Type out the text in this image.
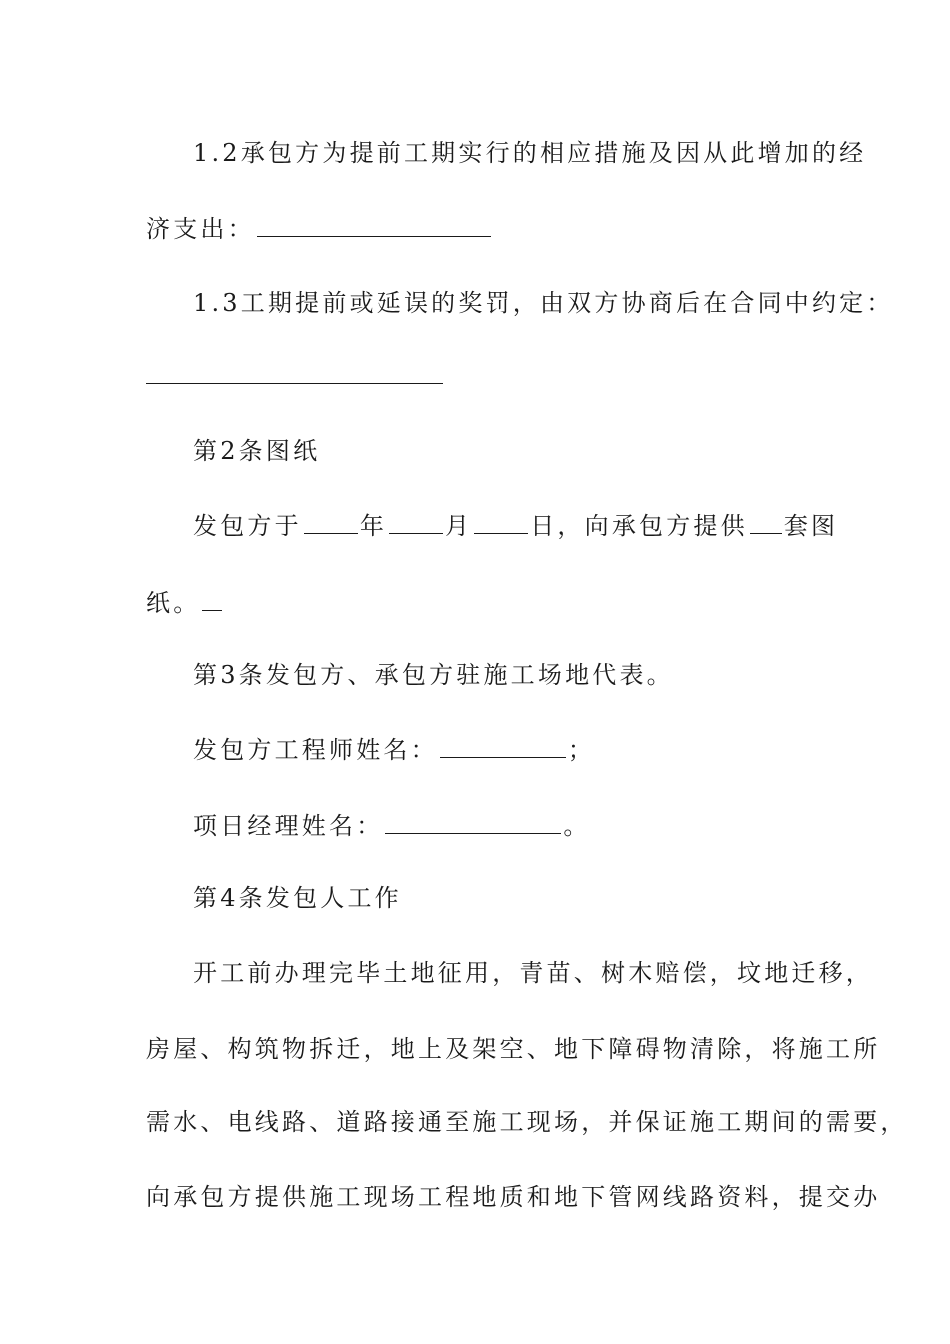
1.2承包方为提前工期实行的相应措施及因从此增加的经
济支出：
1.3工期提前或延误的奖罚，由双方协商后在合同中约定：
第2条图纸
发包方于 年 月 日，向承包方提供 套图
纸。
第3条发包方、承包方驻施工场地代表。
发包方工程师姓名：	；
项日经理姓名：	。
第4条发包人工作
开工前办理完毕土地征用，青苗、树木赔偿，坟地迁移，
房屋、构筑物拆迁，地上及架空、地下障碍物清除，将施工所
需水、电线路、道路接通至施工现场，并保证施工期间的需要，
向承包方提供施工现场工程地质和地下管网线路资料，提交办
